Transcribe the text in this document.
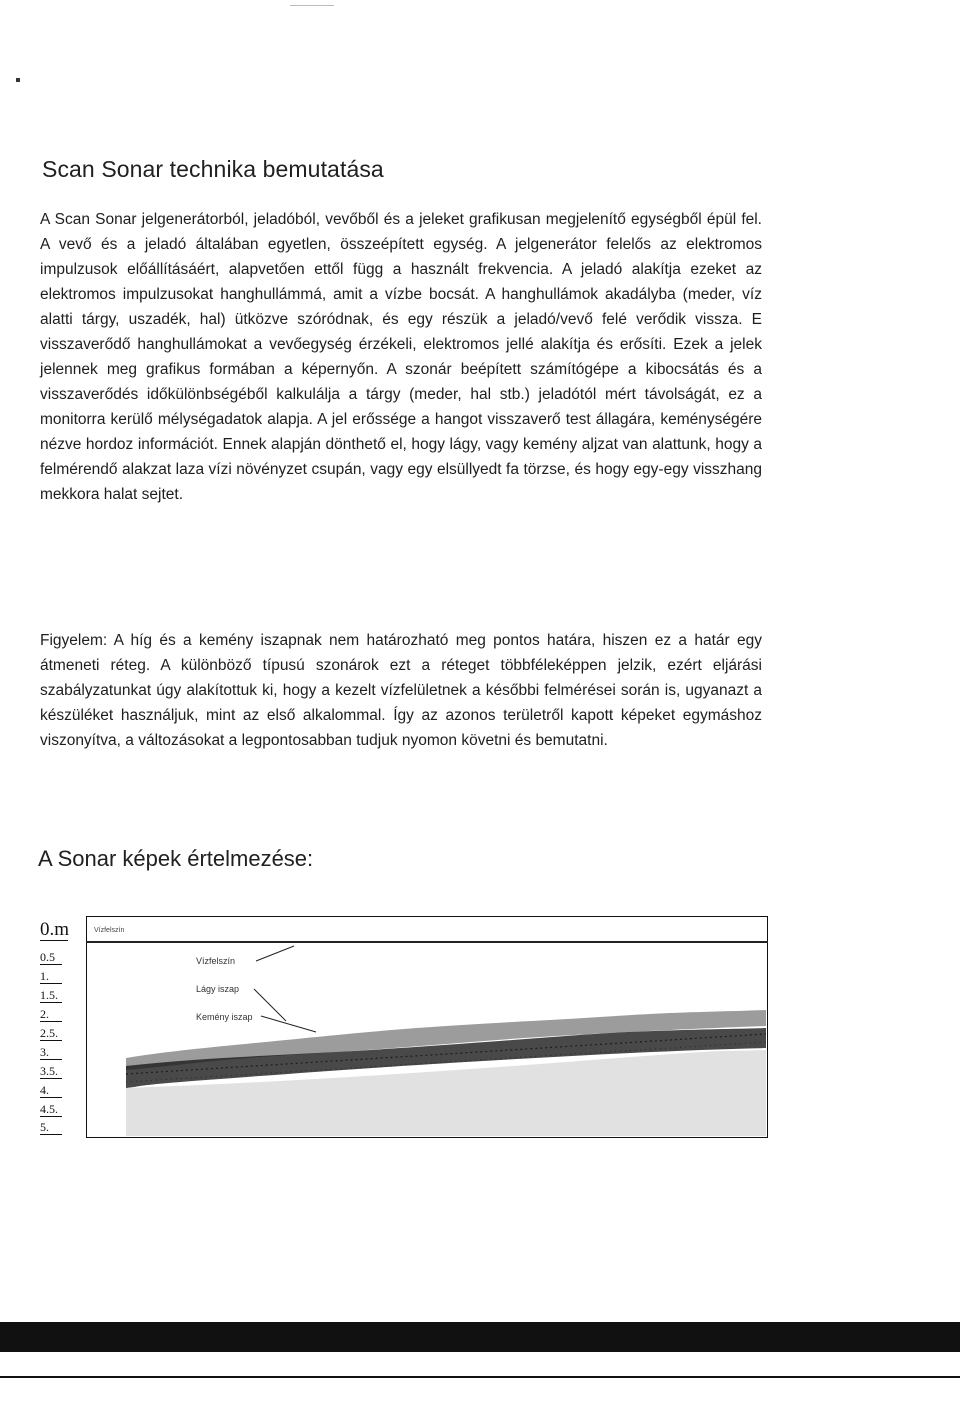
Scan Sonar technika bemutatása

A Scan Sonar jelgenerátorból, jeladóból, vevőből és a jeleket grafikusan megjelenítő egységből épül fel. A vevő és a jeladó általában egyetlen, összeépített egység. A jelgenerátor felelős az elektromos impulzusok előállításáért, alapvetően ettől függ a használt frekvencia. A jeladó alakítja ezeket az elektromos impulzusokat hanghullámmá, amit a vízbe bocsát. A hanghullámok akadályba (meder, víz alatti tárgy, uszadék, hal) ütközve szóródnak, és egy részük a jeladó/vevő felé verődik vissza. E visszaverődő hanghullámokat a vevőegység érzékeli, elektromos jellé alakítja és erősíti. Ezek a jelek jelennek meg grafikus formában a képernyőn. A szonár beépített számítógépe a kibocsátás és a visszaverődés időkülönbségéből kalkulálja a tárgy (meder, hal stb.) jeladótól mért távolságát, ez a monitorra kerülő mélységadatok alapja. A jel erőssége a hangot visszaverő test állagára, keménységére nézve hordoz információt. Ennek alapján dönthető el, hogy lágy, vagy kemény aljzat van alattunk, hogy a felmérendő alakzat laza vízi növényzet csupán, vagy egy elsüllyedt fa törzse, és hogy egy-egy visszhang mekkora halat sejtet.

Figyelem: A híg és a kemény iszapnak nem határozható meg pontos határa, hiszen ez a határ egy átmeneti réteg. A különböző típusú szonárok ezt a réteget többféleképpen jelzik, ezért eljárási szabályzatunkat úgy alakítottuk ki, hogy a kezelt vízfelületnek a későbbi felmérései során is, ugyanazt a készüléket használjuk, mint az első alkalommal. Így az azonos területről kapott képeket egymáshoz viszonyítva, a változásokat a legpontosabban tudjuk nyomon követni és bemutatni.

A Sonar képek értelmezése:
0.m
0.5
1.
1.5.
2.
2.5.
3.
3.5.
4.
4.5.
5.
Vízfelszín
Vízfelszín
Lágy iszap
Kemény iszap
